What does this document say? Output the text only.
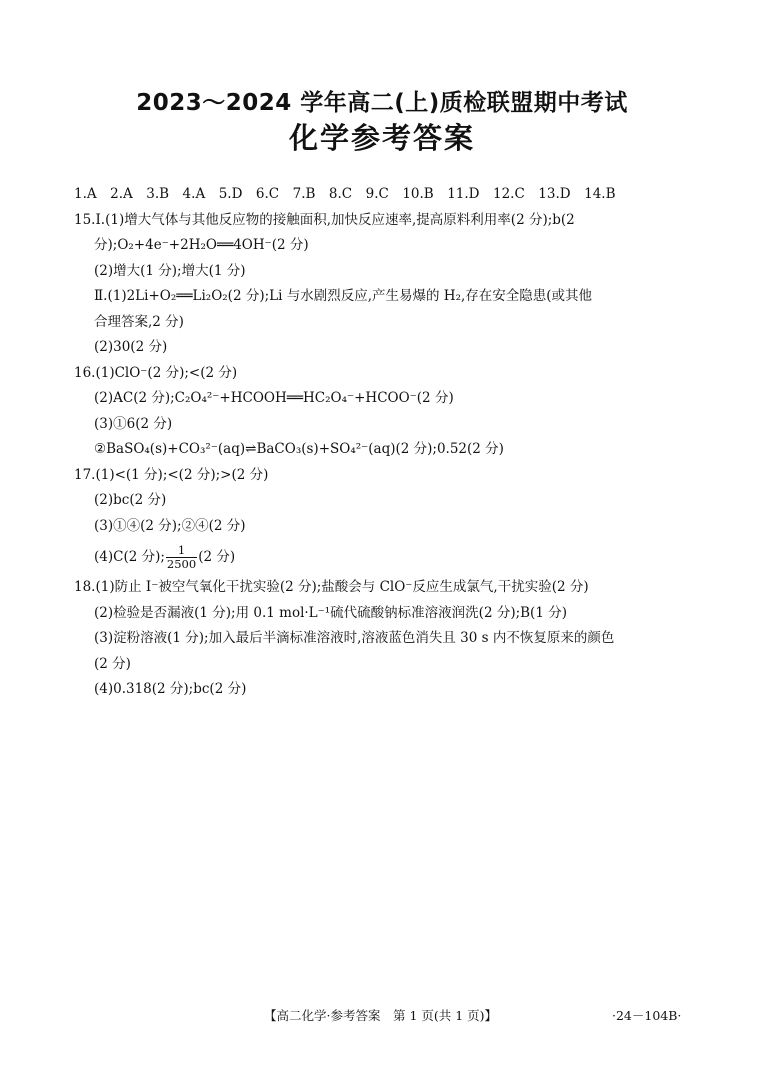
2023～2024 学年高二(上)质检联盟期中考试
化学参考答案
1.A　2.A　3.B　4.A　5.D　6.C　7.B　8.C　9.C　10.B　11.D　12.C　13.D　14.B
15.Ⅰ.(1)增大气体与其他反应物的接触面积,加快反应速率,提高原料利用率(2 分);b(2
分);O₂+4e⁻+2H₂O══4OH⁻(2 分)
(2)增大(1 分);增大(1 分)
Ⅱ.(1)2Li+O₂══Li₂O₂(2 分);Li 与水剧烈反应,产生易爆的 H₂,存在安全隐患(或其他
合理答案,2 分)
(2)30(2 分)
16.(1)ClO⁻(2 分);<(2 分)
(2)AC(2 分);C₂O₄²⁻+HCOOH══HC₂O₄⁻+HCOO⁻(2 分)
(3)①6(2 分)
②BaSO₄(s)+CO₃²⁻(aq)⇌BaCO₃(s)+SO₄²⁻(aq)(2 分);0.52(2 分)
17.(1)<(1 分);<(2 分);>(2 分)
(2)bc(2 分)
(3)①④(2 分);②④(2 分)
(4)C(2 分); $\frac{1}{2500} (2$ 分)
18.(1)防止 I⁻被空气氧化干扰实验(2 分);盐酸会与 ClO⁻反应生成氯气,干扰实验(2 分)
(2)检验是否漏液(1 分);用 0.1 mol·L⁻¹硫代硫酸钠标准溶液润洗(2 分);B(1 分)
(3)淀粉溶液(1 分);加入最后半滴标准溶液时,溶液蓝色消失且 30 s 内不恢复原来的颜色
(2 分)
(4)0.318(2 分);bc(2 分)
【高二化学·参考答案　第 1 页(共 1 页)】	·24－104B·
